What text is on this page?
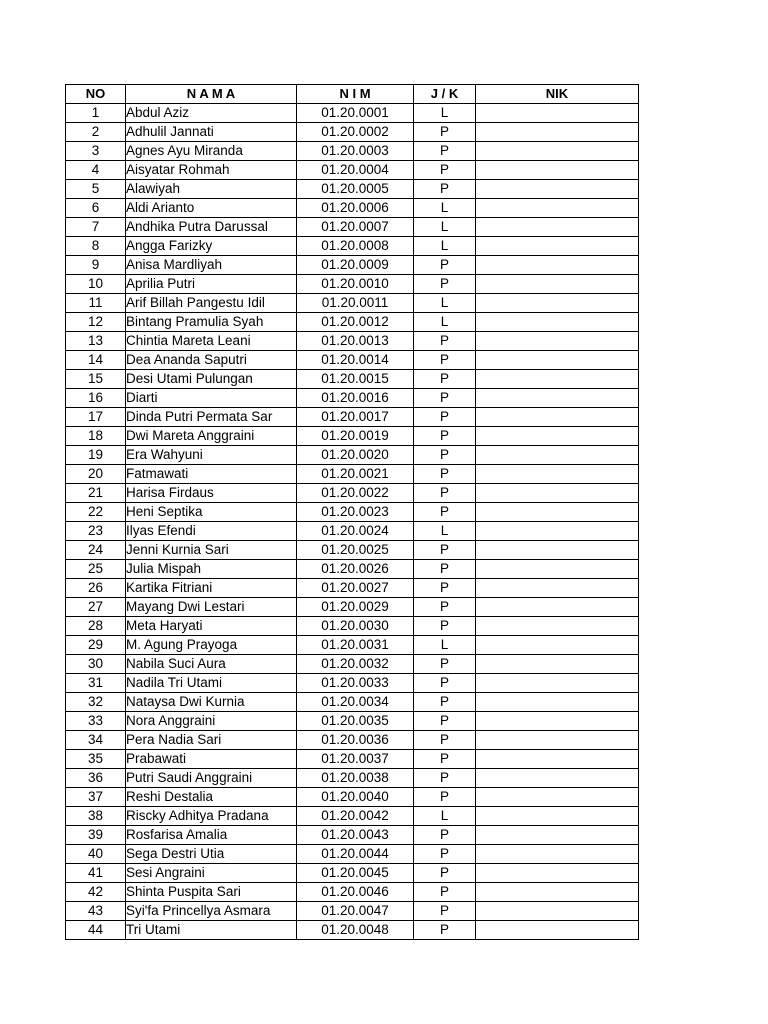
NO	N A M A	N I M	J / K	NIK
1	Abdul Aziz	01.20.0001	L	
2	Adhulil Jannati	01.20.0002	P	
3	Agnes Ayu Miranda	01.20.0003	P	
4	Aisyatar Rohmah	01.20.0004	P	
5	Alawiyah	01.20.0005	P	
6	Aldi Arianto	01.20.0006	L	
7	Andhika Putra Darussal	01.20.0007	L	
8	Angga Farizky	01.20.0008	L	
9	Anisa Mardliyah	01.20.0009	P	
10	Aprilia Putri	01.20.0010	P	
11	Arif Billah Pangestu Idil	01.20.0011	L	
12	Bintang Pramulia Syah	01.20.0012	L	
13	Chintia Mareta Leani	01.20.0013	P	
14	Dea Ananda Saputri	01.20.0014	P	
15	Desi Utami Pulungan	01.20.0015	P	
16	Diarti	01.20.0016	P	
17	Dinda Putri Permata Sar	01.20.0017	P	
18	Dwi Mareta Anggraini	01.20.0019	P	
19	Era Wahyuni	01.20.0020	P	
20	Fatmawati	01.20.0021	P	
21	Harisa Firdaus	01.20.0022	P	
22	Heni Septika	01.20.0023	P	
23	Ilyas Efendi	01.20.0024	L	
24	Jenni Kurnia Sari	01.20.0025	P	
25	Julia Mispah	01.20.0026	P	
26	Kartika Fitriani	01.20.0027	P	
27	Mayang Dwi Lestari	01.20.0029	P	
28	Meta Haryati	01.20.0030	P	
29	M. Agung Prayoga	01.20.0031	L	
30	Nabila Suci Aura	01.20.0032	P	
31	Nadila Tri Utami	01.20.0033	P	
32	Nataysa Dwi Kurnia	01.20.0034	P	
33	Nora Anggraini	01.20.0035	P	
34	Pera Nadia Sari	01.20.0036	P	
35	Prabawati	01.20.0037	P	
36	Putri Saudi Anggraini	01.20.0038	P	
37	Reshi Destalia	01.20.0040	P	
38	Riscky Adhitya Pradana	01.20.0042	L	
39	Rosfarisa Amalia	01.20.0043	P	
40	Sega Destri Utia	01.20.0044	P	
41	Sesi Angraini	01.20.0045	P	
42	Shinta Puspita Sari	01.20.0046	P	
43	Syi'fa Princellya Asmara	01.20.0047	P	
44	Tri Utami	01.20.0048	P	
